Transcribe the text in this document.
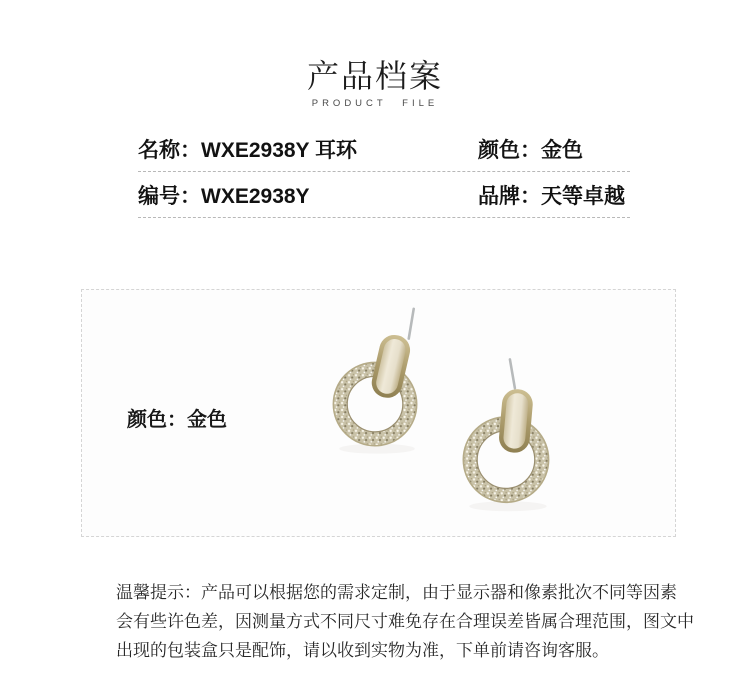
产品档案
PRODUCT FILE
名称：WXE2938Y 耳环	颜色： 金色
编号：WXE2938Y	品牌： 天等卓越
颜色：金色
温馨提示：产品可以根据您的需求定制，由于显示器和像素批次不同等因素
会有些许色差，因测量方式不同尺寸难免存在合理误差皆属合理范围，图文中
出现的包装盒只是配饰，请以收到实物为准，下单前请咨询客服。
